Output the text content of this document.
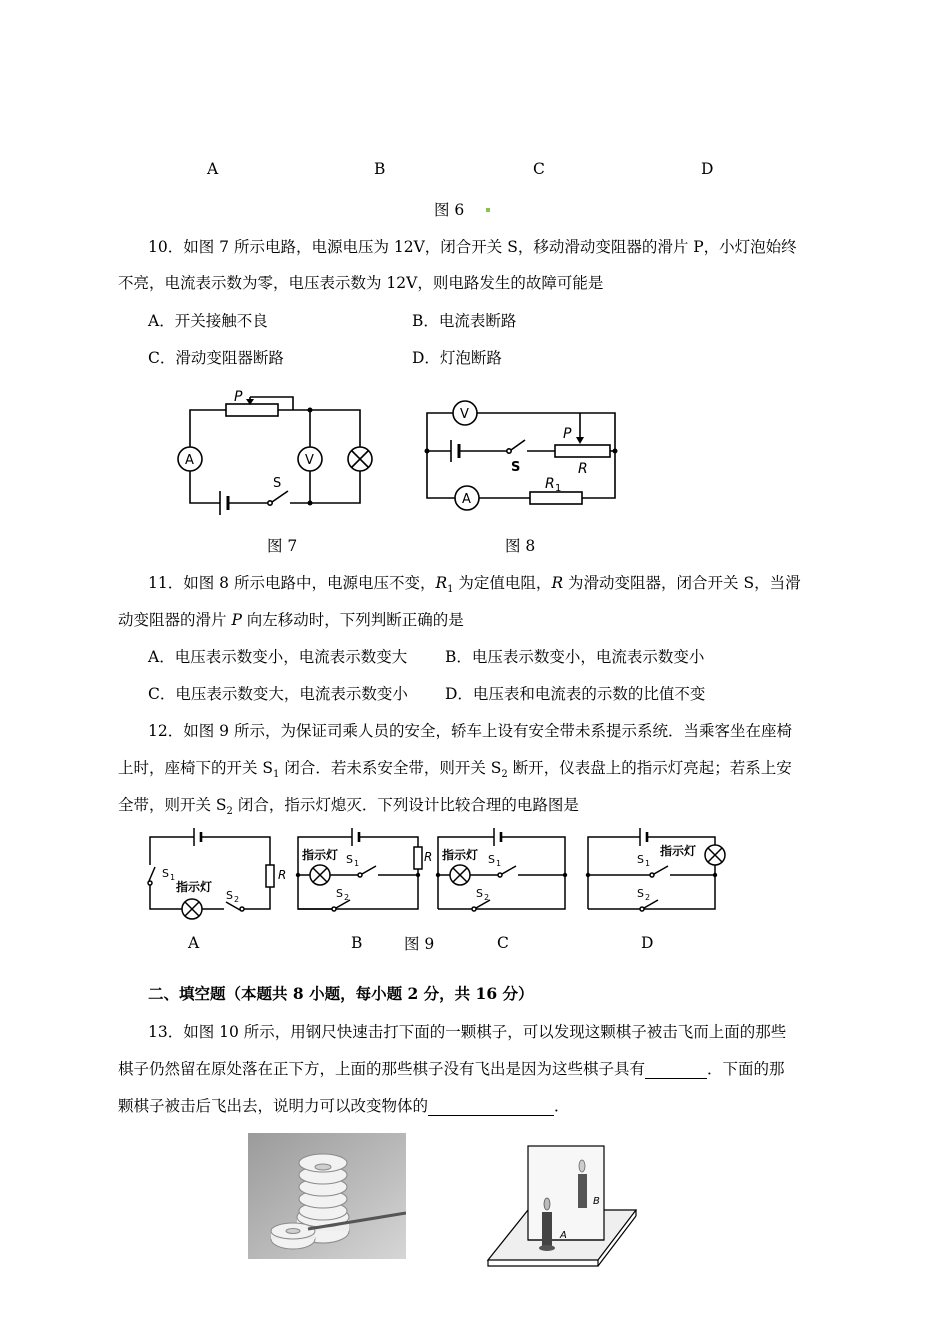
A	B	C	D
图 6
10．如图 7 所示电路，电源电压为 12V，闭合开关 S，移动滑动变阻器的滑片 P，小灯泡始终
不亮，电流表示数为零，电压表示数为 12V，则电路发生的故障可能是
A．开关接触不良	B．电流表断路
C．滑动变阻器断路	D．灯泡断路
P
A	V
S
图 7
V
A
S
P
R
R 1
图 8
11．如图 8 所示电路中，电源电压不变，$R_1$ 为定值电阻，R 为滑动变阻器，闭合开关 S，当滑
动变阻器的滑片 P 向左移动时，下列判断正确的是
A．电压表示数变小，电流表示数变大 B．电压表示数变小，电流表示数变小
C．电压表示数变大，电流表示数变小 D．电压表和电流表的示数的比值不变
12．如图 9 所示，为保证司乘人员的安全，轿车上设有安全带未系提示系统．当乘客坐在座椅
上时，座椅下的开关 $S_1$ 闭合．若未系安全带，则开关 $S_2$ 断开，仪表盘上的指示灯亮起；若系上安
全带，则开关 $S_2$ 闭合，指示灯熄灭．下列设计比较合理的电路图是
S 1
指示灯
S 2
R
指示灯 S 1
S 2
R 指示灯 S 1
S 2
指示灯
S 1
S 2
A	B	图 9	C	D
二、填空题（本题共 8 小题，每小题 2 分，共 16 分）
13．如图 10 所示，用钢尺快速击打下面的一颗棋子，可以发现这颗棋子被击飞而上面的那些
棋子仍然留在原处落在正下方，上面的那些棋子没有飞出是因为这些棋子具有	．下面的那
颗棋子被击后飞出去，说明力可以改变物体的	．
A
B
